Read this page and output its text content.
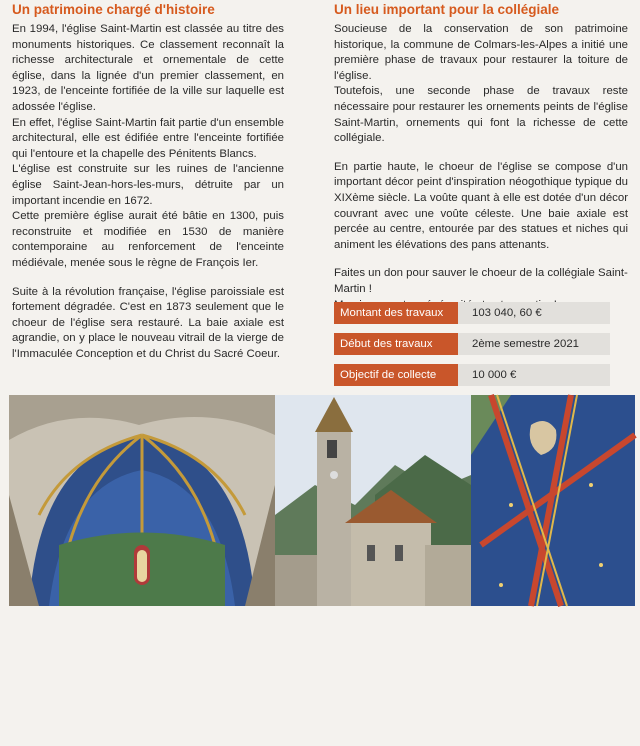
Un patrimoine chargé d'histoire

En 1994, l'église Saint-Martin est classée au titre des monuments historiques. Ce classement reconnaît la richesse architecturale et ornementale de cette église, dans la lignée d'un premier classement, en 1923, de l'enceinte fortifiée de la ville sur laquelle est adossée l'église.

En effet, l'église Saint-Martin fait partie d'un ensemble architectural, elle est édifiée entre l'enceinte fortifiée qui l'entoure et la chapelle des Pénitents Blancs.

L'église est construite sur les ruines de l'ancienne église Saint-Jean-hors-les-murs, détruite par un important incendie en 1672.

Cette première église aurait été bâtie en 1300, puis reconstruite et modifiée en 1530 de manière contemporaine au renforcement de l'enceinte médiévale, menée sous le règne de François Ier.

Suite à la révolution française, l'église paroissiale est fortement dégradée. C'est en 1873 seulement que le choeur de l'église sera restauré. La baie axiale est agrandie, on y place le nouveau vitrail de la vierge de l'Immaculée Conception et du Christ du Sacré Coeur.

Un lieu important pour la collégiale

Soucieuse de la conservation de son patrimoine historique, la commune de Colmars-les-Alpes a initié une première phase de travaux pour restaurer la toiture de l'église.

Toutefois, une seconde phase de travaux reste nécessaire pour restaurer les ornements peints de l'église Saint-Martin, ornements qui font la richesse de cette collégiale.

En partie haute, le choeur de l'église se compose d'un important décor peint d'inspiration néogothique typique du XIXème siècle. La voûte quant à elle est dotée d'un décor couvrant avec une voûte céleste. Une baie axiale est percée au centre, entourée par des statues et niches qui animent les élévations des pans attenants.

Faites un don pour sauver le choeur de la collégiale Saint-Martin !

Montant des travaux	103 040, 60 €
Début des travaux	2ème semestre 2021
Objectif de collecte	10 000 €
Commune de Colmars-les-Alpes
